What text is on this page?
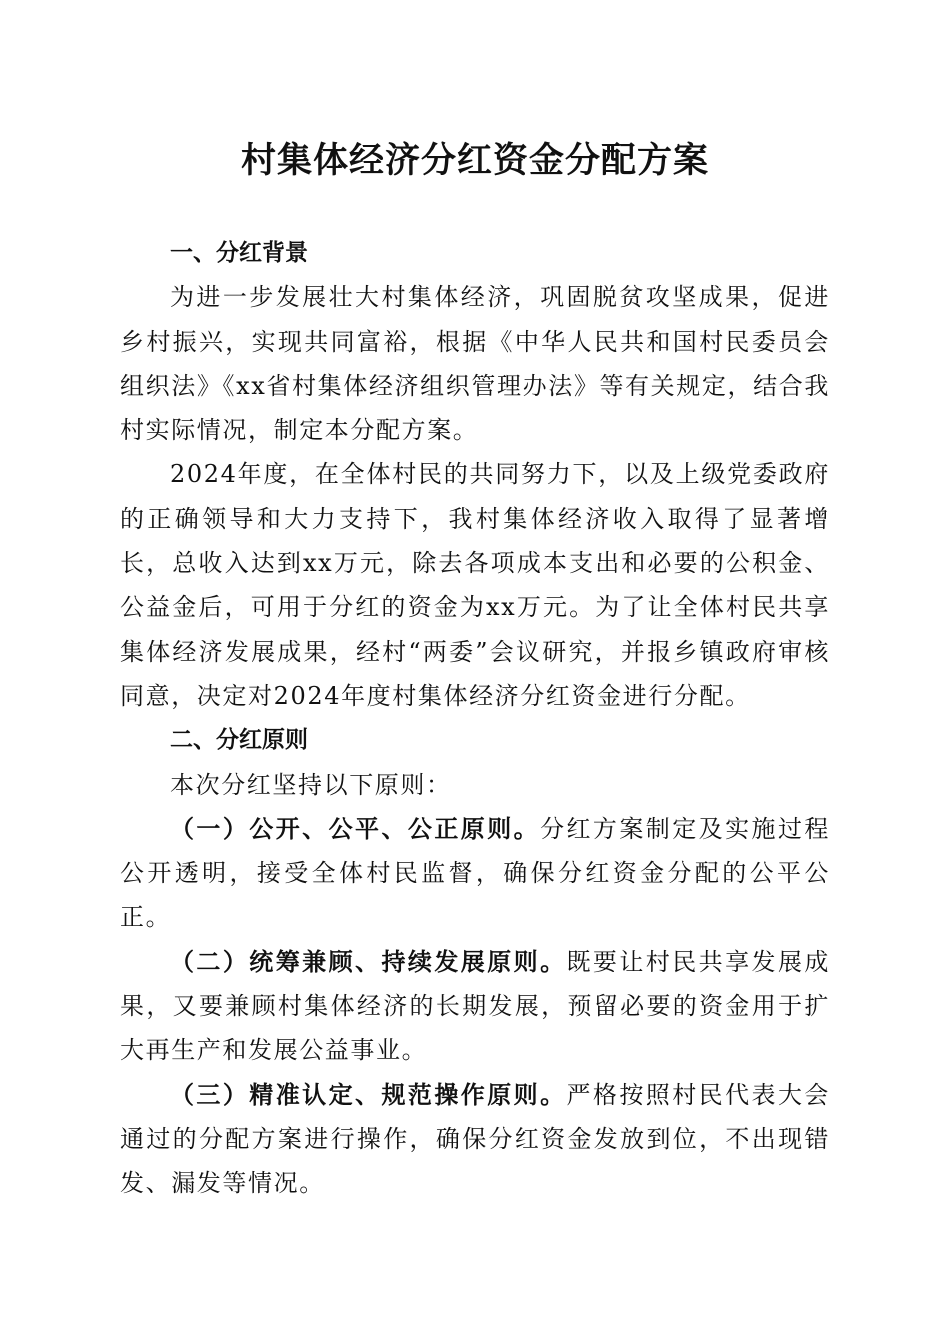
村集体经济分红资金分配方案
一、分红背景

为进一步发展壮大村集体经济，巩固脱贫攻坚成果，促进乡村振兴，实现共同富裕，根据《中华人民共和国村民委员会组织法》《xx省村集体经济组织管理办法》等有关规定，结合我村实际情况，制定本分配方案。

2024年度，在全体村民的共同努力下，以及上级党委政府的正确领导和大力支持下，我村集体经济收入取得了显著增长，总收入达到xx万元，除去各项成本支出和必要的公积金、公益金后，可用于分红的资金为xx万元。为了让全体村民共享集体经济发展成果，经村“两委”会议研究，并报乡镇政府审核同意，决定对2024年度村集体经济分红资金进行分配。

二、分红原则

本次分红坚持以下原则：

（一）公开、公平、公正原则。分红方案制定及实施过程公开透明，接受全体村民监督，确保分红资金分配的公平公正。

（二）统筹兼顾、持续发展原则。既要让村民共享发展成果，又要兼顾村集体经济的长期发展，预留必要的资金用于扩大再生产和发展公益事业。

（三）精准认定、规范操作原则。严格按照村民代表大会通过的分配方案进行操作，确保分红资金发放到位，不出现错发、漏发等情况。
